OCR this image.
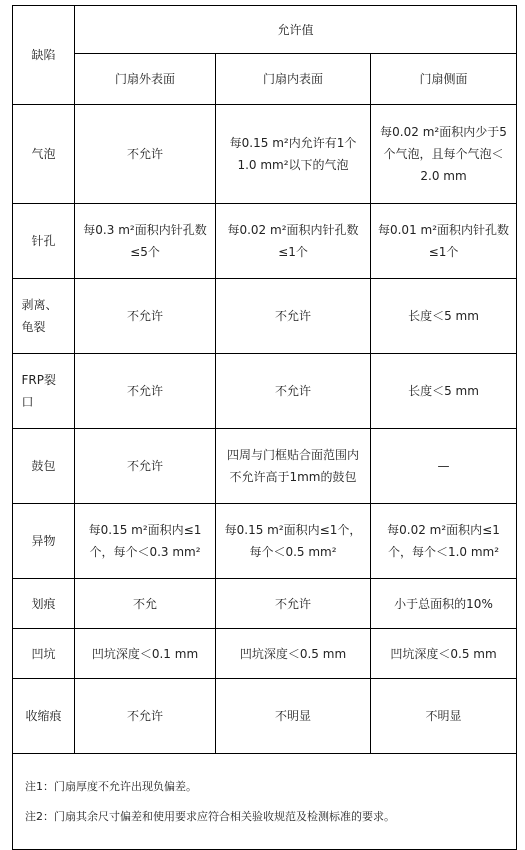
缺陷	允许值		
	门扇外表面	门扇内表面	门扇侧面
气泡	不允许	每0.15 m²内允许有1个1.0 mm²以下的气泡	每0.02 m²面积内少于5个气泡，且每个气泡＜2.0 mm
针孔	每0.3 m²面积内针孔数≤5个	每0.02 m²面积内针孔数≤1个	每0.01 m²面积内针孔数≤1个
剥离、龟裂	不允许	不允许	长度＜5 mm
FRP裂口	不允许	不允许	长度＜5 mm
鼓包	不允许	四周与门框贴合面范围内不允许高于1mm的鼓包	—
异物	每0.15 m²面积内≤1个，每个＜0.3 mm²	每0.15 m²面积内≤1个，每个＜0.5 mm²	每0.02 m²面积内≤1个，每个＜1.0 mm²
划痕	不允	不允许	小于总面积的10%
凹坑	凹坑深度＜0.1 mm	凹坑深度＜0.5 mm	凹坑深度＜0.5 mm
收缩痕	不允许	不明显	不明显

注1：门扇厚度不允许出现负偏差。
注2：门扇其余尺寸偏差和使用要求应符合相关验收规范及检测标准的要求。			
